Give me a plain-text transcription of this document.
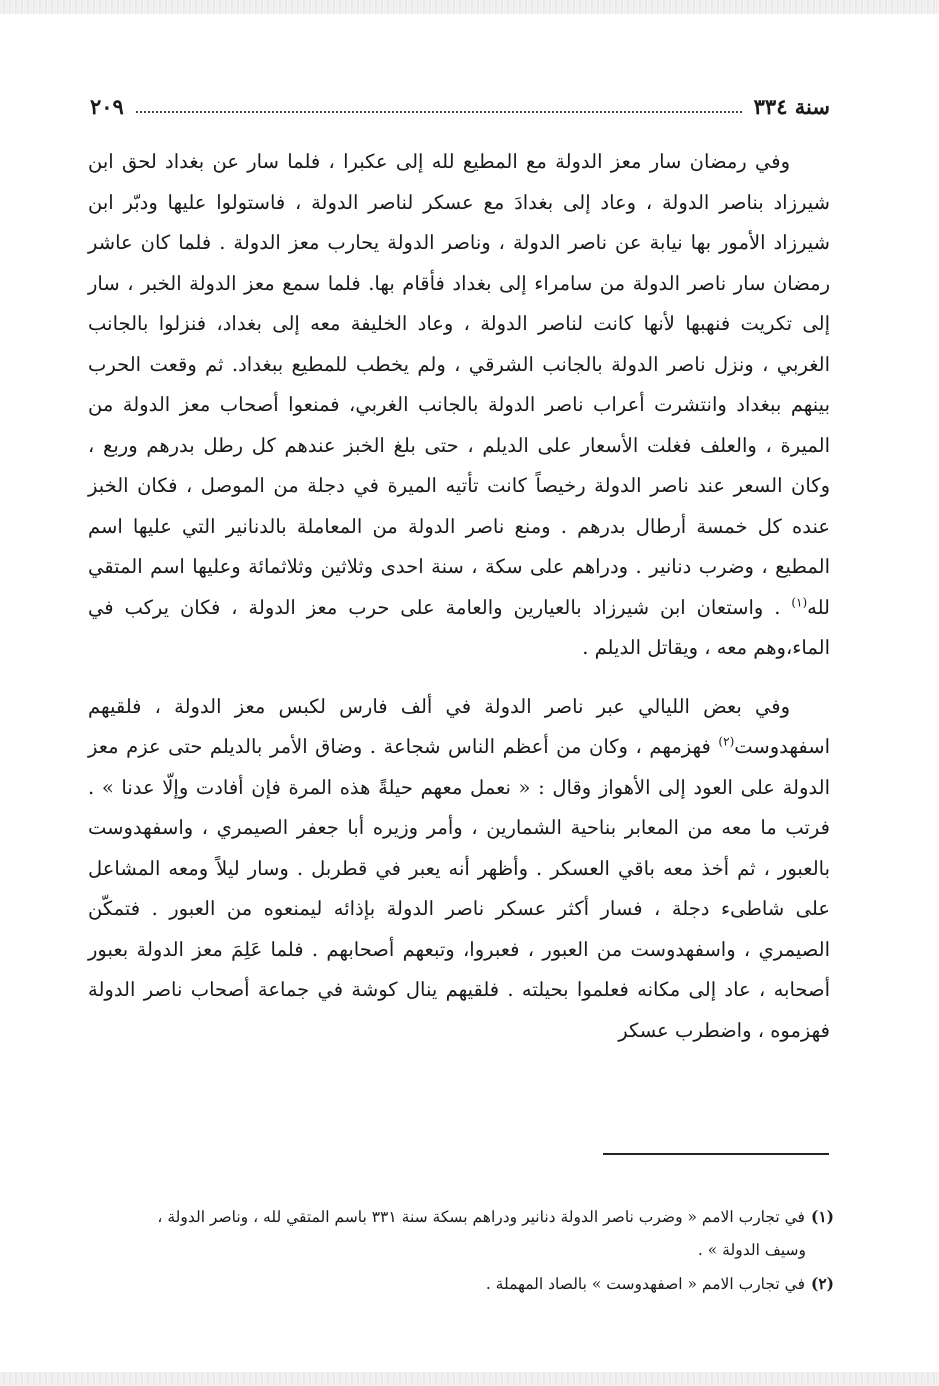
سنة ٣٣٤
٢٠٩

وفي رمضان سار معز الدولة مع المطيع لله إلى عكبرا ، فلما سار عن بغداد لحق ابن شيرزاد بناصر الدولة ، وعاد إلى بغدادَ مع عسكر لناصر الدولة ، فاستولوا عليها ودبّر ابن شيرزاد الأمور بها نيابة عن ناصر الدولة ، وناصر الدولة يحارب معز الدولة . فلما كان عاشر رمضان سار ناصر الدولة من سامراء إلى بغداد فأقام بها. فلما سمع معز الدولة الخبر ، سار إلى تكريت فنهبها لأنها كانت لناصر الدولة ، وعاد الخليفة معه إلى بغداد، فنزلوا بالجانب الغربي ، ونزل ناصر الدولة بالجانب الشرقي ، ولم يخطب للمطيع ببغداد. ثم وقعت الحرب بينهم ببغداد وانتشرت أعراب ناصر الدولة بالجانب الغربي، فمنعوا أصحاب معز الدولة من الميرة ، والعلف فغلت الأسعار على الديلم ، حتى بلغ الخبز عندهم كل رطل بدرهم وربع ، وكان السعر عند ناصر الدولة رخيصاً كانت تأتيه الميرة في دجلة من الموصل ، فكان الخبز عنده كل خمسة أرطال بدرهم . ومنع ناصر الدولة من المعاملة بالدنانير التي عليها اسم المطيع ، وضرب دنانير . ودراهم على سكة ، سنة احدى وثلاثين وثلاثمائة وعليها اسم المتقي لله$^{(١)}$ . واستعان ابن شيرزاد بالعيارين والعامة على حرب معز الدولة ، فكان يركب في الماء،وهم معه ، ويقاتل الديلم .

وفي بعض الليالي عبر ناصر الدولة في ألف فارس لكبس معز الدولة ، فلقيهم اسفهدوست$^{(٢)}$ فهزمهم ، وكان من أعظم الناس شجاعة . وضاق الأمر بالديلم حتى عزم معز الدولة على العود إلى الأهواز وقال : « نعمل معهم حيلةً هذه المرة فإن أفادت وإلّا عدنا » . فرتب ما معه من المعابر بناحية الشمارين ، وأمر وزيره أبا جعفر الصيمري ، واسفهدوست بالعبور ، ثم أخذ معه باقي العسكر . وأظهر أنه يعبر في قطربل . وسار ليلاً ومعه المشاعل على شاطىء دجلة ، فسار أكثر عسكر ناصر الدولة بإذائه ليمنعوه من العبور . فتمكّن الصيمري ، واسفهدوست من العبور ، فعبروا، وتبعهم أصحابهم . فلما عَلِمَ معز الدولة بعبور أصحابه ، عاد إلى مكانه فعلموا بحيلته . فلقيهم ينال كوشة في جماعة أصحاب ناصر الدولة فهزموه ، واضطرب عسكر

(١)في تجارب الامم « وضرب ناصر الدولة دنانير ودراهم بسكة سنة ٣٣١ باسم المتقي لله ، وناصر الدولة ،

وسيف الدولة » .

(٢)في تجارب الامم « اصفهدوست » بالصاد المهملة .
